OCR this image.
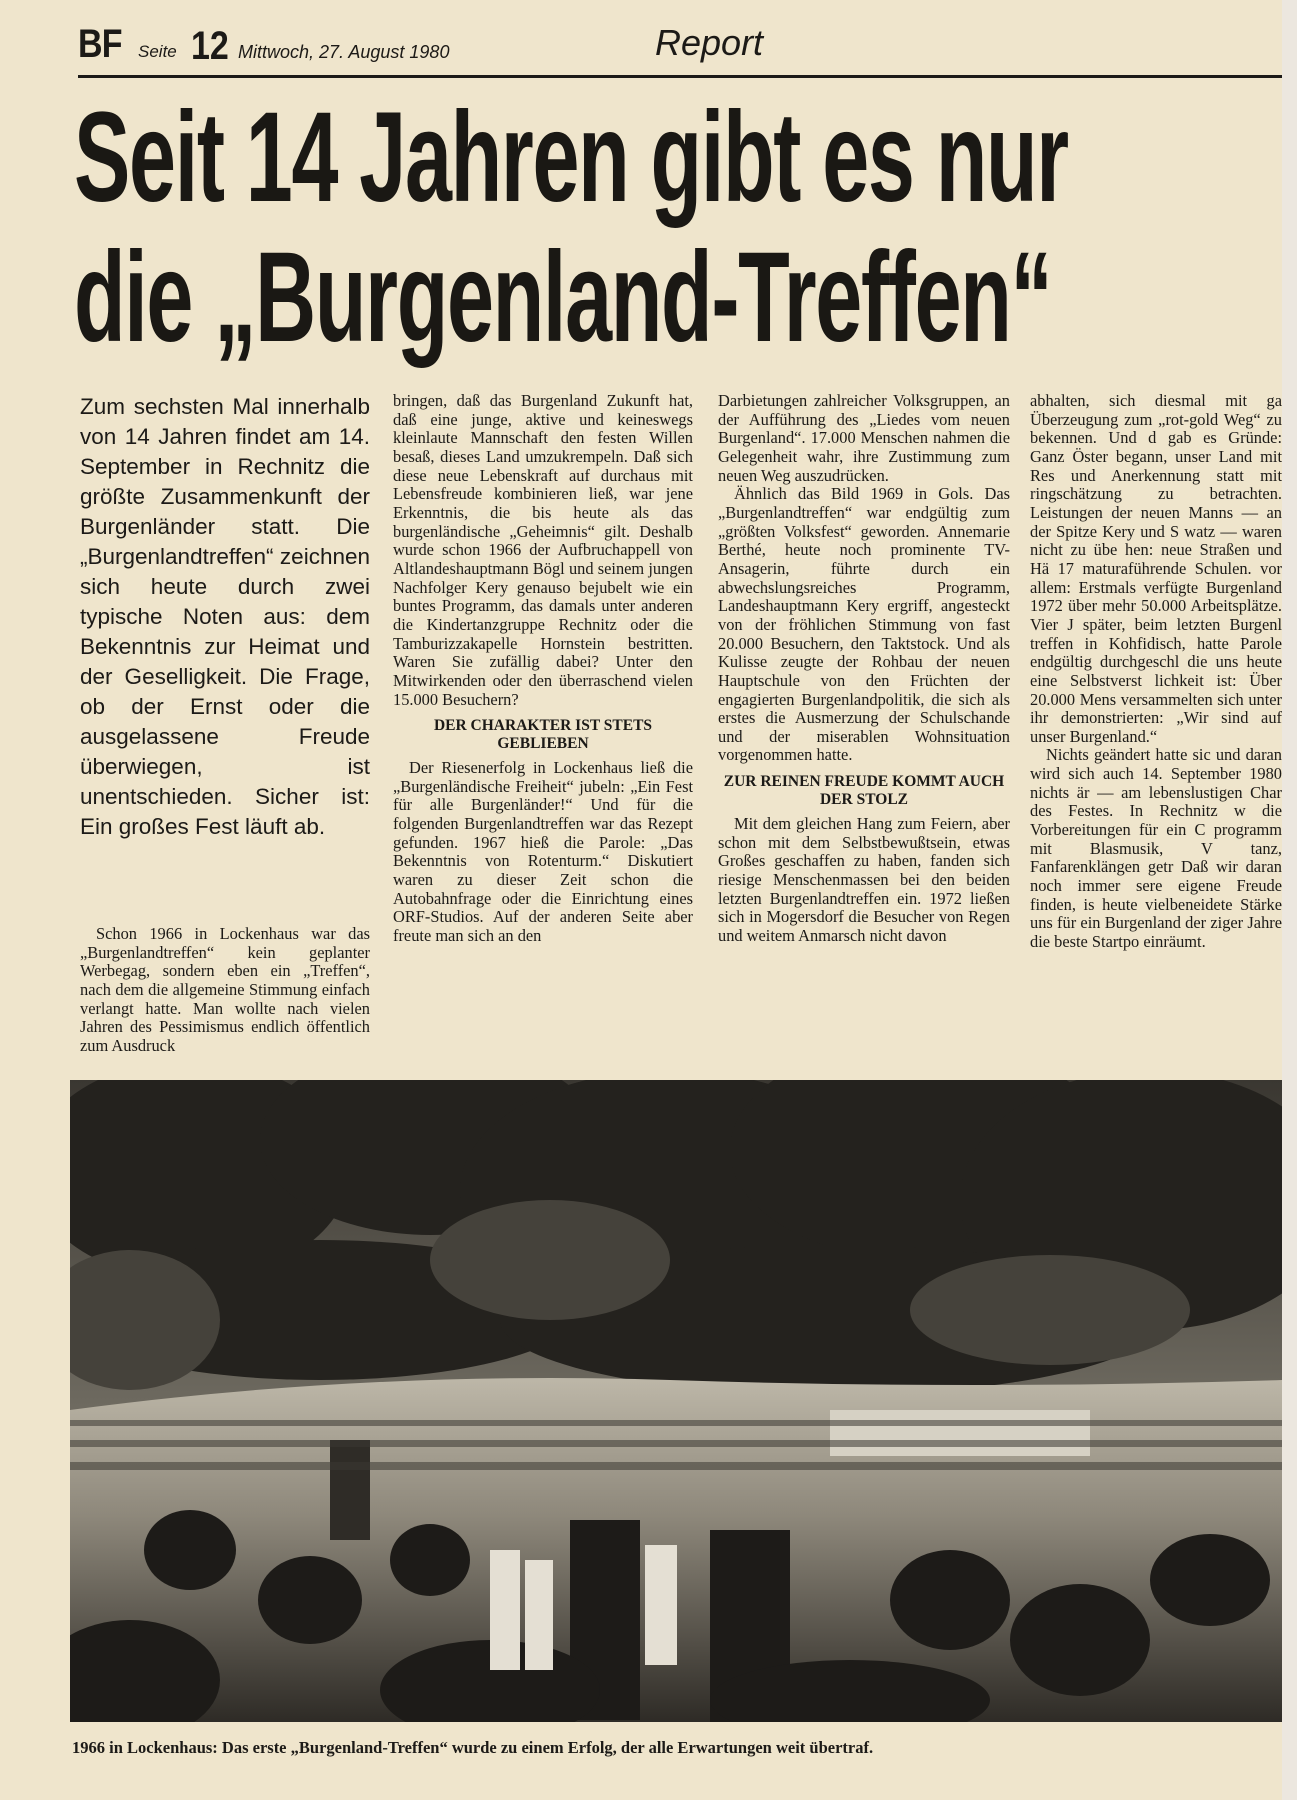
BF Seite 12 Mittwoch, 27. August 1980	Report
Seit 14 Jahren gibt es nur
die „Burgenland-Treffen“
Zum sechsten Mal innerhalb von 14 Jahren findet am 14. September in Rechnitz die größte Zusammenkunft der Burgenländer statt. Die „Burgenlandtreffen“ zeichnen sich heute durch zwei typische Noten aus: dem Bekenntnis zur Heimat und der Geselligkeit. Die Frage, ob der Ernst oder die ausgelassene Freude überwiegen, ist unentschieden. Sicher ist: Ein großes Fest läuft ab.

Schon 1966 in Lockenhaus war das „Burgenlandtreffen“ kein geplanter Werbegag, sondern eben ein „Treffen“, nach dem die allgemeine Stimmung einfach verlangt hatte. Man wollte nach vielen Jahren des Pessimismus endlich öffentlich zum Ausdruck

bringen, daß das Burgenland Zukunft hat, daß eine junge, aktive und keineswegs kleinlaute Mannschaft den festen Willen besaß, dieses Land umzukrempeln. Daß sich diese neue Lebenskraft auf durchaus mit Lebensfreude kombinieren ließ, war jene Erkenntnis, die bis heute als das burgenländische „Geheimnis“ gilt. Deshalb wurde schon 1966 der Aufbruchappell von Altlandeshauptmann Bögl und seinem jungen Nachfolger Kery genauso bejubelt wie ein buntes Programm, das damals unter anderen die Kindertanzgruppe Rechnitz oder die Tamburizzakapelle Hornstein bestritten. Waren Sie zufällig dabei? Unter den Mitwirkenden oder den überraschend vielen 15.000 Besuchern?

DER CHARAKTER IST STETS GEBLIEBEN

Der Riesenerfolg in Lockenhaus ließ die „Burgenländische Freiheit“ jubeln: „Ein Fest für alle Burgenländer!“ Und für die folgenden Burgenlandtreffen war das Rezept gefunden. 1967 hieß die Parole: „Das Bekenntnis von Rotenturm.“ Diskutiert waren zu dieser Zeit schon die Autobahnfrage oder die Einrichtung eines ORF-Studios. Auf der anderen Seite aber freute man sich an den

Darbietungen zahlreicher Volksgruppen, an der Aufführung des „Liedes vom neuen Burgenland“. 17.000 Menschen nahmen die Gelegenheit wahr, ihre Zustimmung zum neuen Weg auszudrücken.

Ähnlich das Bild 1969 in Gols. Das „Burgenlandtreffen“ war endgültig zum „größten Volksfest“ geworden. Annemarie Berthé, heute noch prominente TV-Ansagerin, führte durch ein abwechslungsreiches Programm, Landeshauptmann Kery ergriff, angesteckt von der fröhlichen Stimmung von fast 20.000 Besuchern, den Taktstock. Und als Kulisse zeugte der Rohbau der neuen Hauptschule von den Früchten der engagierten Burgenlandpolitik, die sich als erstes die Ausmerzung der Schulschande und der miserablen Wohnsituation vorgenommen hatte.

ZUR REINEN FREUDE KOMMT AUCH DER STOLZ

Mit dem gleichen Hang zum Feiern, aber schon mit dem Selbstbewußtsein, etwas Großes geschaffen zu haben, fanden sich riesige Menschenmassen bei den beiden letzten Burgenlandtreffen ein. 1972 ließen sich in Mogersdorf die Besucher von Regen und weitem Anmarsch nicht davon

abhalten, sich diesmal mit ga Überzeugung zum „rot-gold Weg“ zu bekennen. Und d gab es Gründe: Ganz Öster begann, unser Land mit Res und Anerkennung statt mit ringschätzung zu betrachten. Leistungen der neuen Manns — an der Spitze Kery und S watz — waren nicht zu übe hen: neue Straßen und Hä 17 maturaführende Schulen. vor allem: Erstmals verfügte Burgenland 1972 über mehr 50.000 Arbeitsplätze. Vier J später, beim letzten Burgenl treffen in Kohfidisch, hatte Parole endgültig durchgeschl die uns heute eine Selbstverst lichkeit ist: Über 20.000 Mens versammelten sich unter ihr demonstrierten: „Wir sind auf unser Burgenland.“

Nichts geändert hatte sic und daran wird sich auch 14. September 1980 nichts är — am lebenslustigen Char des Festes. In Rechnitz w die Vorbereitungen für ein C programm mit Blasmusik, V tanz, Fanfarenklängen getr Daß wir daran noch immer sere eigene Freude finden, is heute vielbeneidete Stärke uns für ein Burgenland der ziger Jahre die beste Startpo einräumt.

1966 in Lockenhaus: Das erste „Burgenland-Treffen“ wurde zu einem Erfolg, der alle Erwartungen weit übertraf.
